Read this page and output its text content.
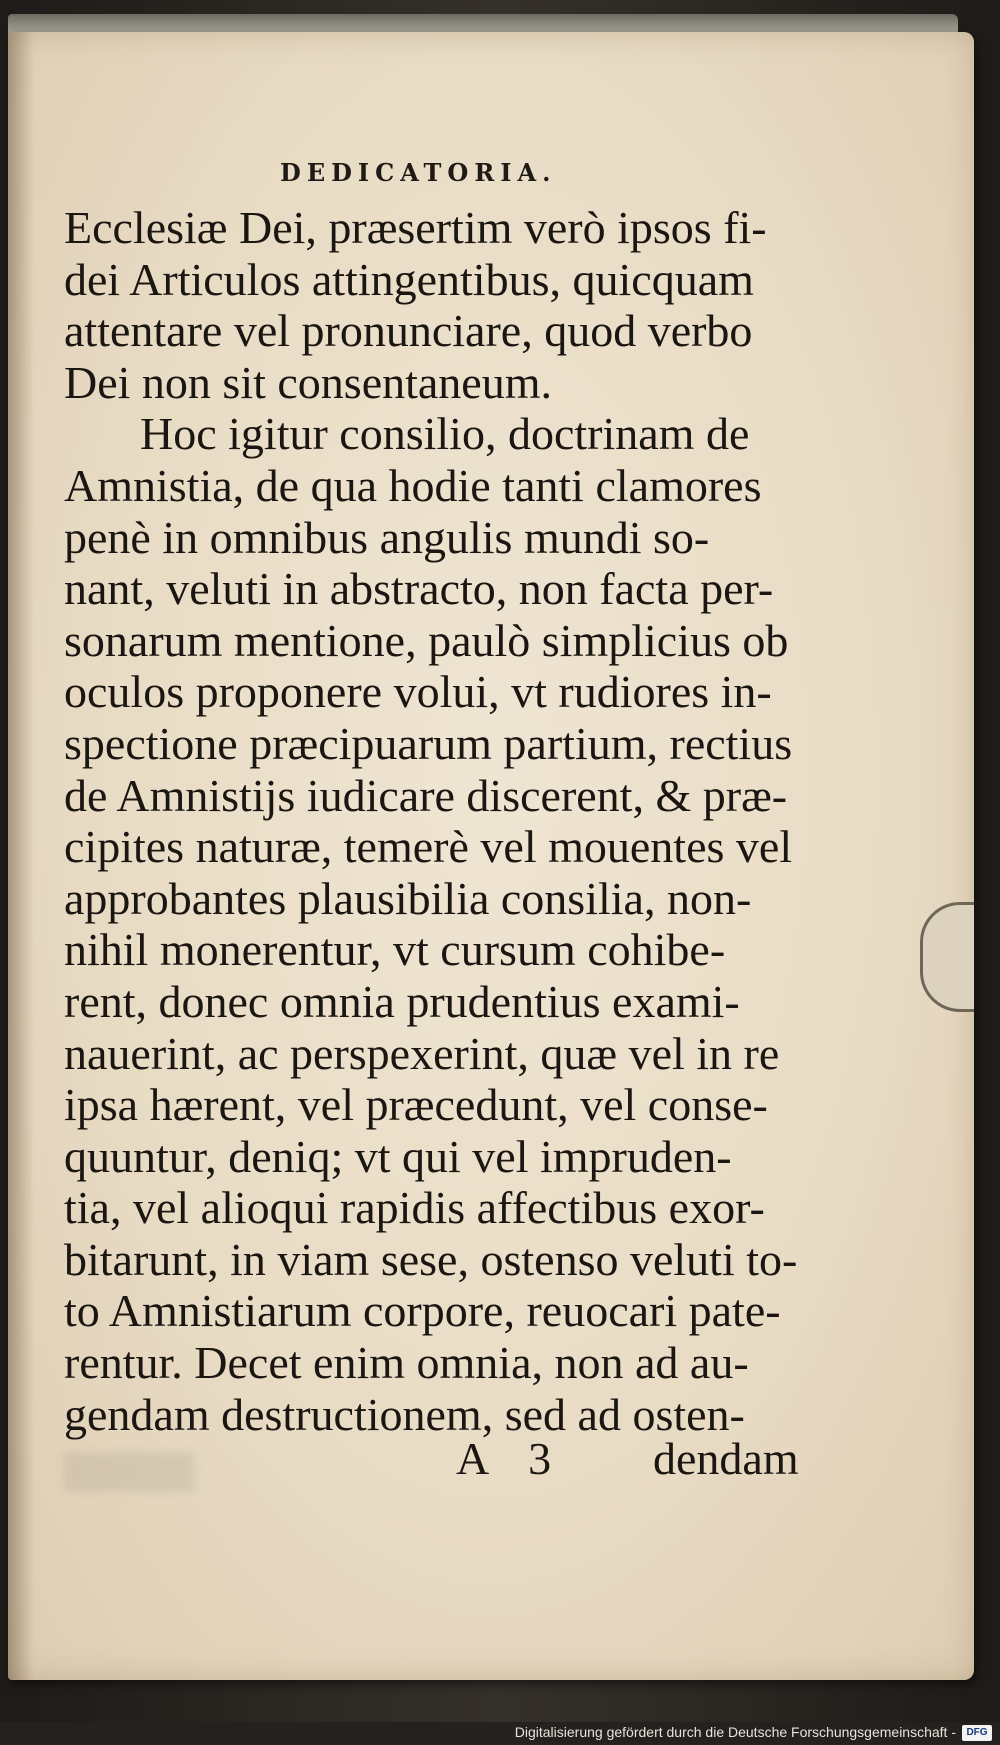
DEDICATORIA.
Ecclesiæ Dei, præsertim verò ipsos fi-
dei Articulos attingentibus, quicquam
attentare vel pronunciare, quod verbo
Dei non sit consentaneum.
Hoc igitur consilio, doctrinam de
Amnistia, de qua hodie tanti clamores
penè in omnibus angulis mundi so-
nant, veluti in abstracto, non facta per-
sonarum mentione, paulò simplicius ob
oculos proponere volui, vt rudiores in-
spectione præcipuarum partium, rectius
de Amnistijs iudicare discerent, & præ-
cipites naturæ, temerè vel mouentes vel
approbantes plausibilia consilia, non-
nihil monerentur, vt cursum cohibe-
rent, donec omnia prudentius exami-
nauerint, ac perspexerint, quæ vel in re
ipsa hærent, vel præcedunt, vel conse-
quuntur, deniq; vt qui vel impruden-
tia, vel alioqui rapidis affectibus exor-
bitarunt, in viam sese, ostenso veluti to-
to Amnistiarum corpore, reuocari pate-
rentur. Decet enim omnia, non ad au-
gendam destructionem, sed ad osten-
A 3 dendam
Digitalisierung gefördert durch die Deutsche Forschungsgemeinschaft -	DFG
